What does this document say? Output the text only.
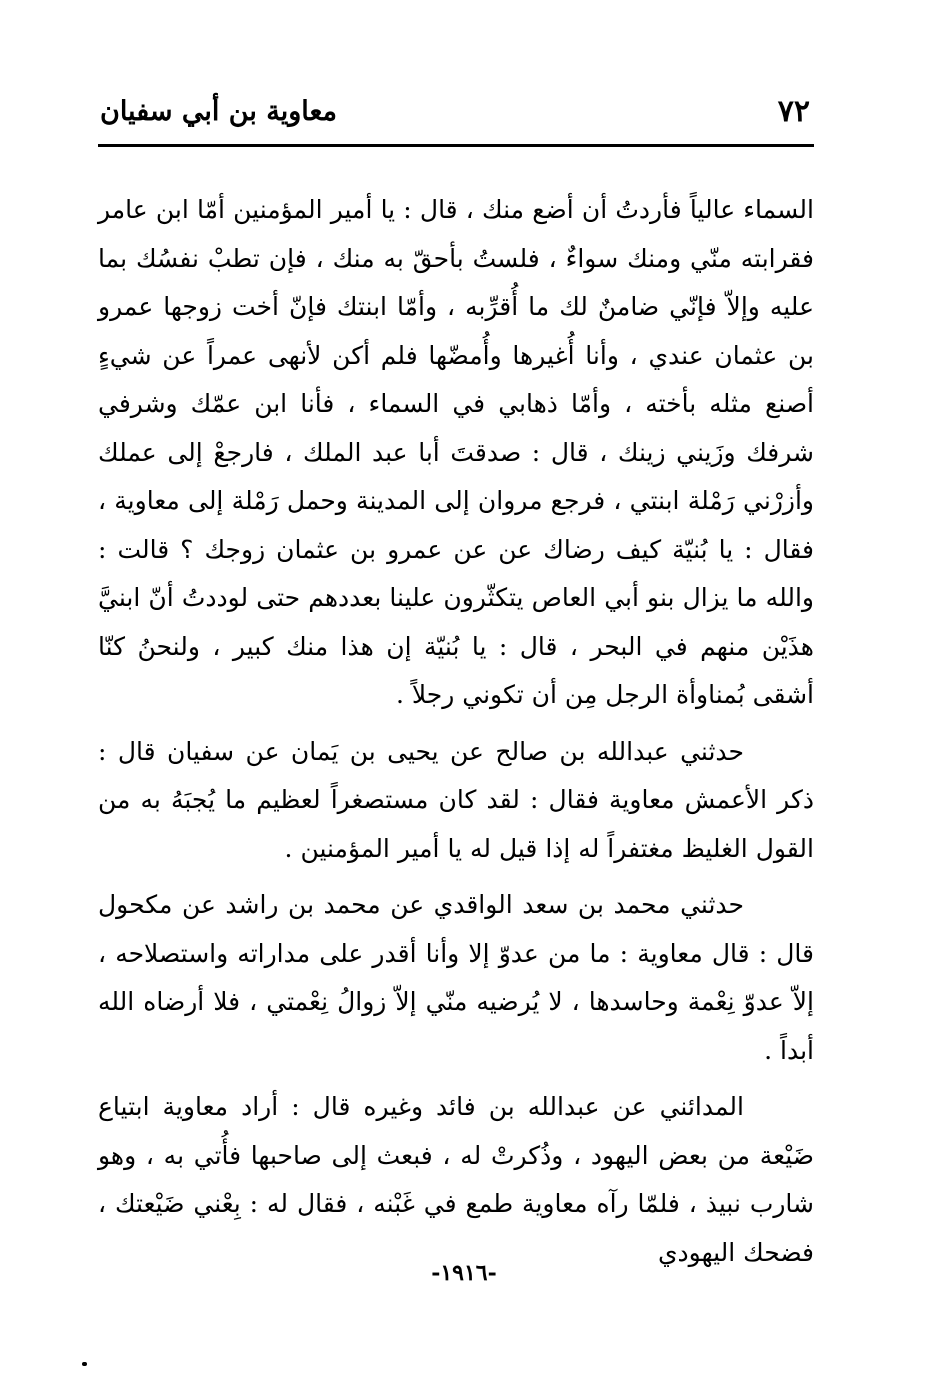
٧٢
معاوية بن أبي سفيان

السماء عالياً فأردتُ أن أضع منك ، قال : يا أمير المؤمنين أمّا ابن عامر فقرابته منّي ومنك سواءٌ ، فلستُ بأحقّ به منك ، فإن تطبْ نفسُك بما عليه وإلاّ فإنّي ضامنٌ لك ما أُقرِّبه ، وأمّا ابنتك فإنّ أخت زوجها عمرو بن عثمان عندي ، وأنا أُغيرها وأُمضّها فلم أكن لأنهى عمراً عن شيءٍ أصنع مثله بأخته ، وأمّا ذهابي في السماء ، فأنا ابن عمّك وشرفي شرفك وزَيني زينك ، قال : صدقتَ أبا عبد الملك ، فارجعْ إلى عملك وأزرْني رَمْلة ابنتي ، فرجع مروان إلى المدينة وحمل رَمْلة إلى معاوية ، فقال : يا بُنيّة كيف رضاك عن عن عمرو بن عثمان زوجك ؟ قالت : والله ما يزال بنو أبي العاص يتكثّرون علينا بعددهم حتى لوددتُ أنّ ابنيَّ هذَيْن منهم في البحر ، قال : يا بُنيّة إن هذا منك كبير ، ولنحنُ كنّا أشقى بُمناوأة الرجل مِن أن تكوني رجلاً .

حدثني عبدالله بن صالح عن يحيى بن يَمان عن سفيان قال : ذكر الأعمش معاوية فقال : لقد كان مستصغراً لعظيم ما يُجبَهُ به من القول الغليظ مغتفراً له إذا قيل له يا أمير المؤمنين .

حدثني محمد بن سعد الواقدي عن محمد بن راشد عن مكحول قال : قال معاوية : ما من عدوّ إلا وأنا أقدر على مداراته واستصلاحه ، إلاّ عدوّ نِعْمة وحاسدها ، لا يُرضيه منّي إلاّ زوالُ نِعْمتي ، فلا أرضاه الله أبداً .

المدائني عن عبدالله بن فائد وغيره قال : أراد معاوية ابتياع ضَيْعة من بعض اليهود ، وذُكرتْ له ، فبعث إلى صاحبها فأُتي به ، وهو شارب نبيذ ، فلمّا رآه معاوية طمع في غَبْنه ، فقال له : بِعْني ضَيْعتك ، فضحك اليهودي

-١٩١٦-
